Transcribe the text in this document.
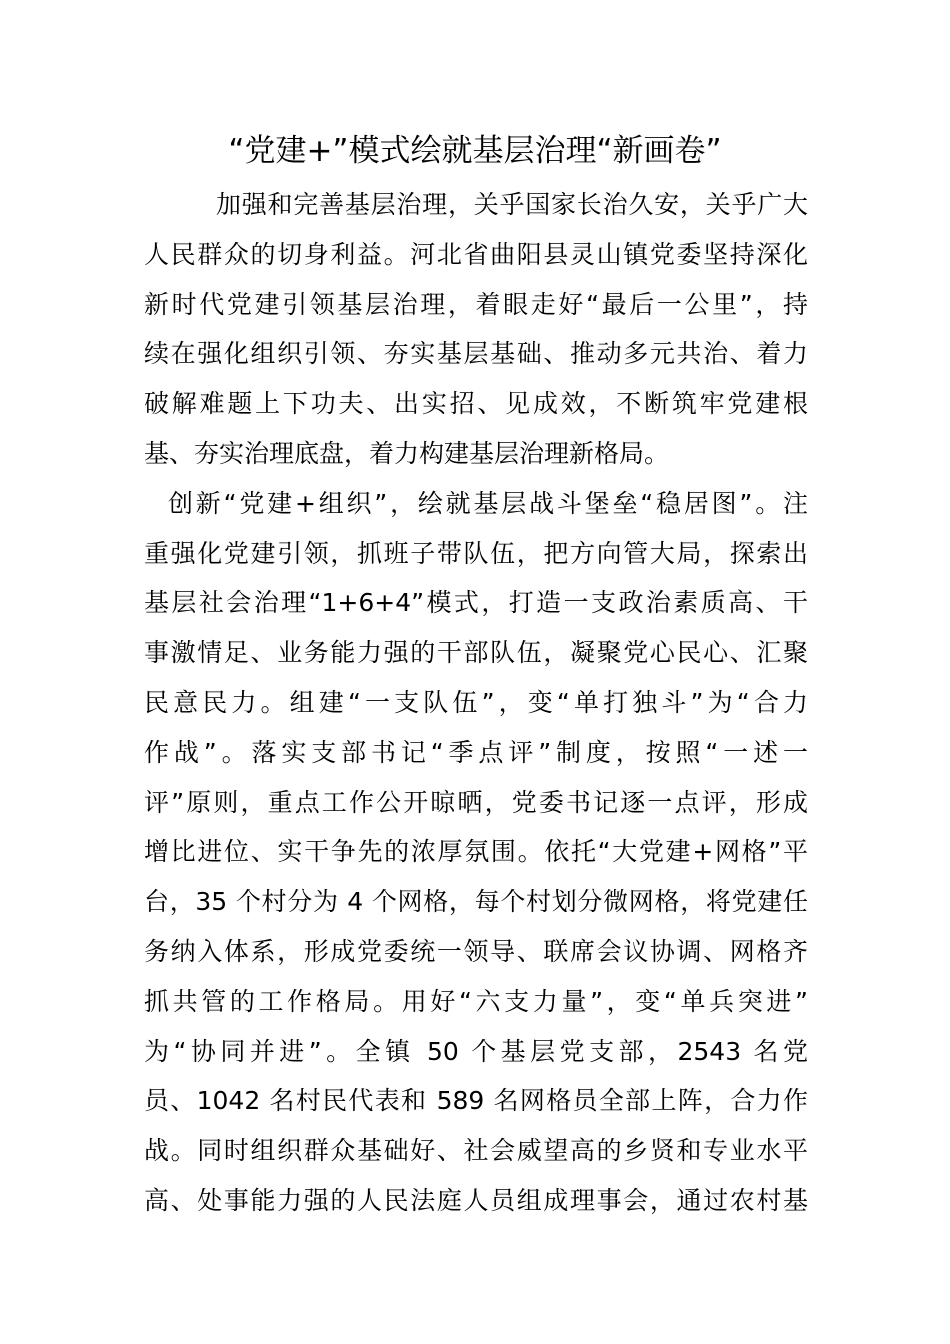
“党建+”模式绘就基层治理“新画卷”
加强和完善基层治理，关乎国家长治久安，关乎广大
人民群众的切身利益。河北省曲阳县灵山镇党委坚持深化
新时代党建引领基层治理，着眼走好“最后一公里”，持
续在强化组织引领、夯实基层基础、推动多元共治、着力
破解难题上下功夫、出实招、见成效，不断筑牢党建根
基、夯实治理底盘，着力构建基层治理新格局。
创新“党建+组织”，绘就基层战斗堡垒“稳居图”。注
重强化党建引领，抓班子带队伍，把方向管大局，探索出
基层社会治理“1+6+4”模式，打造一支政治素质高、干
事激情足、业务能力强的干部队伍，凝聚党心民心、汇聚
民意民力。组建“一支队伍”，变“单打独斗”为“合力
作战”。落实支部书记“季点评”制度，按照“一述一
评”原则，重点工作公开晾晒，党委书记逐一点评，形成
增比进位、实干争先的浓厚氛围。依托“大党建+网格”平
台，35 个村分为 4 个网格，每个村划分微网格，将党建任
务纳入体系，形成党委统一领导、联席会议协调、网格齐
抓共管的工作格局。用好“六支力量”，变“单兵突进”
为“协同并进”。全镇 50 个基层党支部，2543 名党
员、1042 名村民代表和 589 名网格员全部上阵，合力作
战。同时组织群众基础好、社会威望高的乡贤和专业水平
高、处事能力强的人民法庭人员组成理事会，通过农村基
